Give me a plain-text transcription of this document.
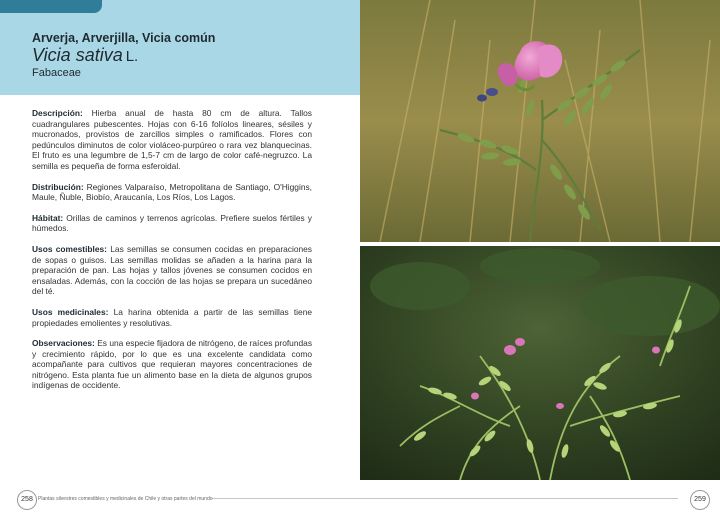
Arverja, Arverjilla, Vicia común
Vicia sativa L.
Fabaceae

Descripción: Hierba anual de hasta 80 cm de altura. Tallos cuadrangulares pubescentes. Hojas con 6-16 folíolos lineares, sésiles y mucronados, provistos de zarcillos simples o ramificados. Flores con pedúnculos diminutos de color violáceo-purpúreo o rara vez blanquecinas. El fruto es una legumbre de 1,5-7 cm de largo de color café-negruzco. La semilla es pequeña de forma esferoidal.

Distribución: Regiones Valparaíso, Metropolitana de Santiago, O'Higgins, Maule, Ñuble, Biobío, Araucanía, Los Ríos, Los Lagos.

Hábitat: Orillas de caminos y terrenos agrícolas. Prefiere suelos fértiles y húmedos.

Usos comestibles: Las semillas se consumen cocidas en preparaciones de sopas o guisos. Las semillas molidas se añaden a la harina para la preparación de pan. Las hojas y tallos jóvenes se consumen cocidos en ensaladas. Además, con la cocción de las hojas se prepara un sucedáneo del té.

Usos medicinales: La harina obtenida a partir de las semillas tiene propiedades emolientes y resolutivas.

Observaciones: Es una especie fijadora de nitrógeno, de raíces profundas y crecimiento rápido, por lo que es una excelente candidata como acompañante para cultivos que requieran mayores concentraciones de nitrógeno. Esta planta fue un alimento base en la dieta de algunos grupos indígenas de occidente.

258	Plantas silvestres comestibles y medicinales de Chile y otras partes del mundo	259
